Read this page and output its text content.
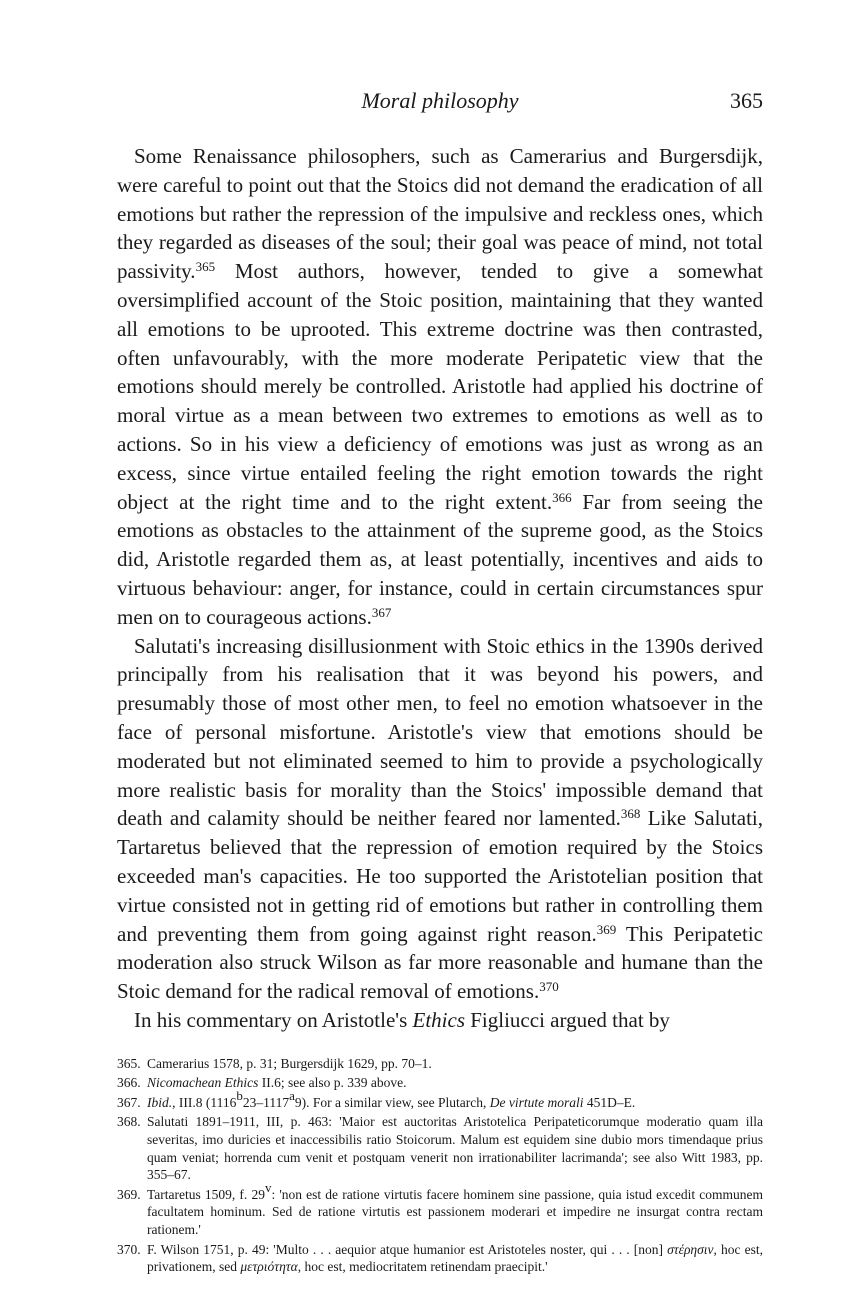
Moral philosophy	365

Some Renaissance philosophers, such as Camerarius and Burgersdijk, were careful to point out that the Stoics did not demand the eradication of all emotions but rather the repression of the impulsive and reckless ones, which they regarded as diseases of the soul; their goal was peace of mind, not total passivity.$^{365}$ Most authors, however, tended to give a somewhat oversimplified account of the Stoic position, maintaining that they wanted all emotions to be uprooted. This extreme doctrine was then contrasted, often unfavourably, with the more moderate Peripatetic view that the emotions should merely be controlled. Aristotle had applied his doctrine of moral virtue as a mean between two extremes to emotions as well as to actions. So in his view a deficiency of emotions was just as wrong as an excess, since virtue entailed feeling the right emotion towards the right object at the right time and to the right extent.$^{366}$ Far from seeing the emotions as obstacles to the attainment of the supreme good, as the Stoics did, Aristotle regarded them as, at least potentially, incentives and aids to virtuous behaviour: anger, for instance, could in certain circumstances spur men on to courageous actions.$^{367}$

Salutati's increasing disillusionment with Stoic ethics in the 1390s derived principally from his realisation that it was beyond his powers, and presumably those of most other men, to feel no emotion whatsoever in the face of personal misfortune. Aristotle's view that emotions should be moderated but not eliminated seemed to him to provide a psychologically more realistic basis for morality than the Stoics' impossible demand that death and calamity should be neither feared nor lamented.$^{368}$ Like Salutati, Tartaretus believed that the repression of emotion required by the Stoics exceeded man's capacities. He too supported the Aristotelian position that virtue consisted not in getting rid of emotions but rather in controlling them and preventing them from going against right reason.$^{369}$ This Peripatetic moderation also struck Wilson as far more reasonable and humane than the Stoic demand for the radical removal of emotions.$^{370}$

In his commentary on Aristotle's Ethics Figliucci argued that by

365. Camerarius 1578, p. 31; Burgersdijk 1629, pp. 70–1.
366. Nicomachean Ethics II.6; see also p. 339 above.
367. Ibid., III.8 (1116$^b$23–1117$^a$9). For a similar view, see Plutarch, De virtute morali 451D–E.
368. Salutati 1891–1911, III, p. 463: 'Maior est auctoritas Aristotelica Peripateticorumque moderatio quam illa severitas, imo duricies et inaccessibilis ratio Stoicorum. Malum est equidem sine dubio mors timendaque prius quam veniat; horrenda cum venit et postquam venerit non irrationabiliter lacrimanda'; see also Witt 1983, pp. 355–67.
369. Tartaretus 1509, f. 29$^v$: 'non est de ratione virtutis facere hominem sine passione, quia istud excedit communem facultatem hominum. Sed de ratione virtutis est passionem moderari et impedire ne insurgat contra rectam rationem.'
370. F. Wilson 1751, p. 49: 'Multo . . . aequior atque humanior est Aristoteles noster, qui . . . [non] στέρησιν, hoc est, privationem, sed μετριότητα, hoc est, mediocritatem retinendam praecipit.'
